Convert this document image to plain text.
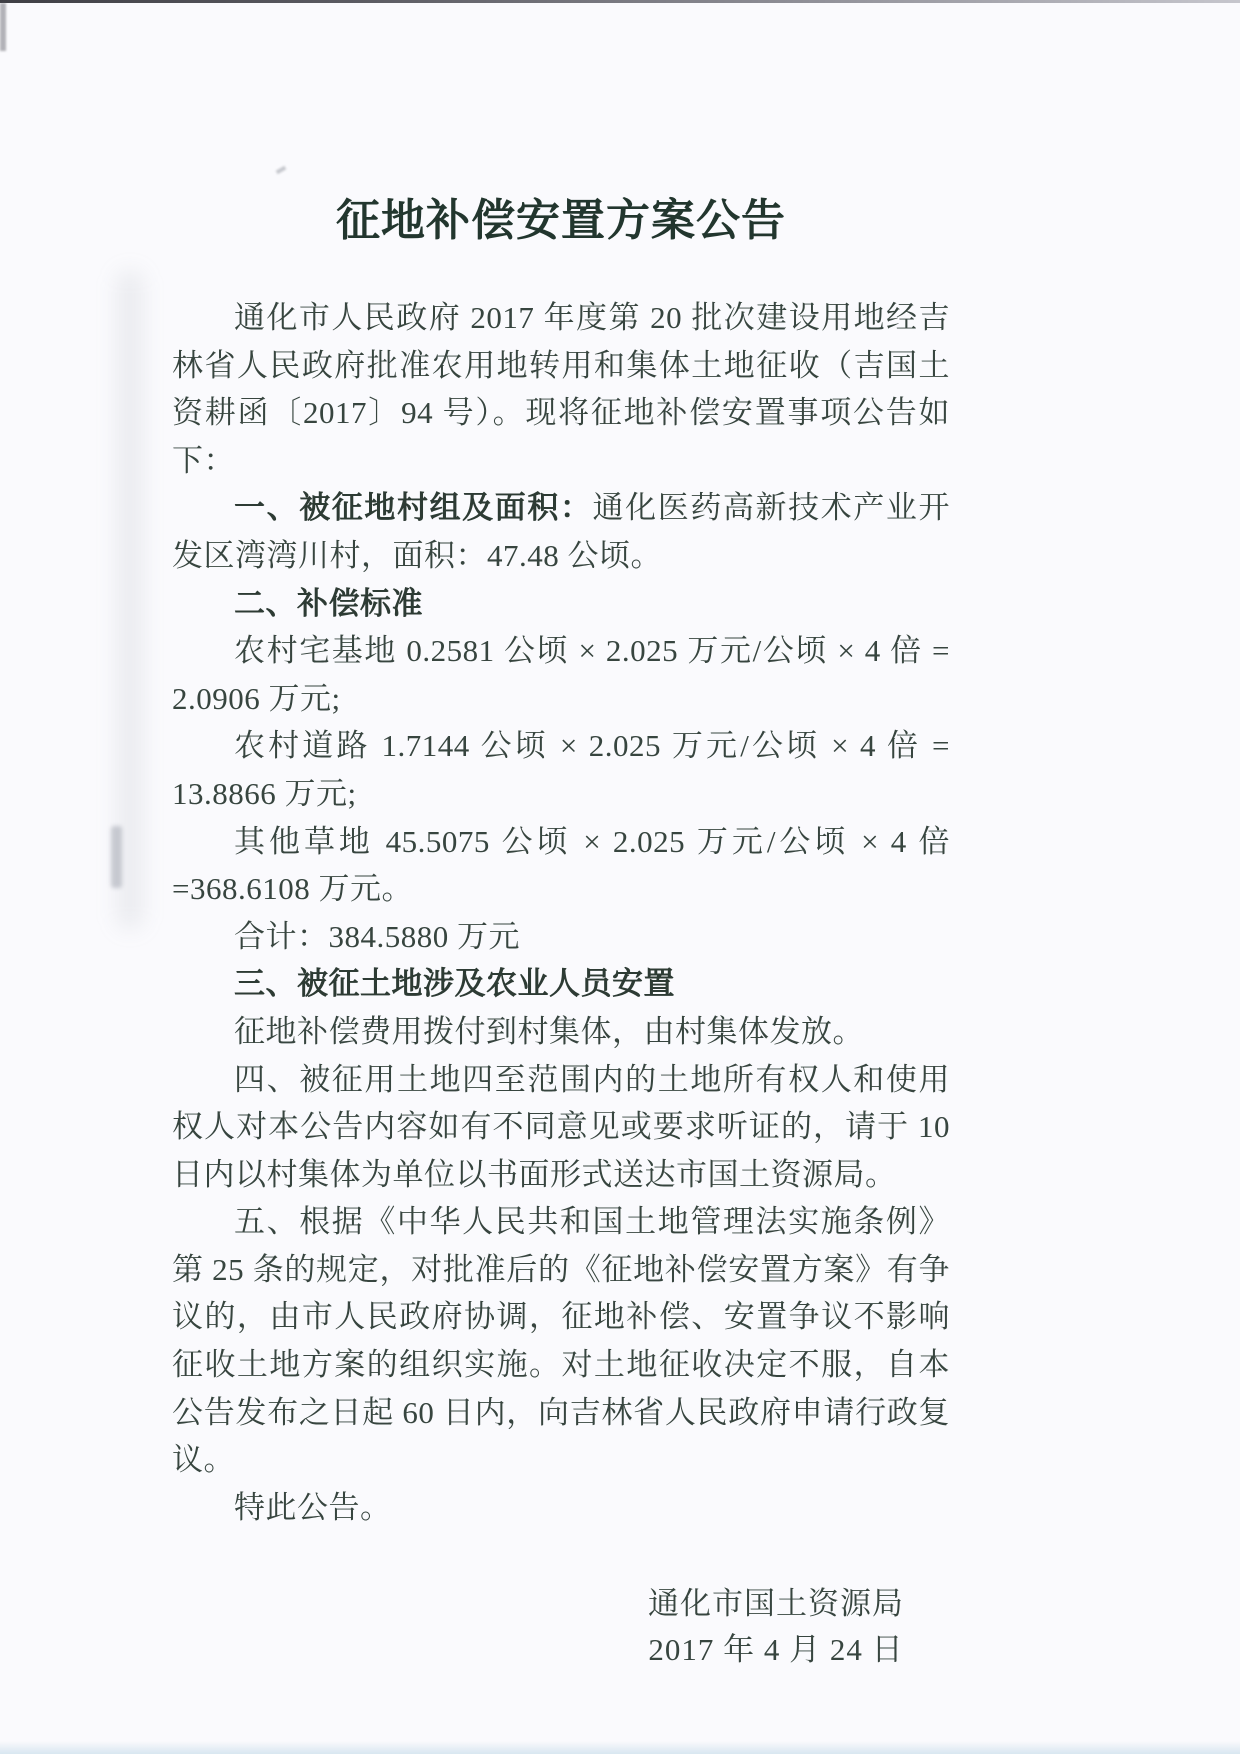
征地补偿安置方案公告

通化市人民政府 2017 年度第 20 批次建设用地经吉林省人民政府批准农用地转用和集体土地征收（吉国土资耕函〔2017〕94 号）。现将征地补偿安置事项公告如下：

一、被征地村组及面积：通化医药高新技术产业开发区湾湾川村，面积：47.48 公顷。

二、补偿标准

农村宅基地 0.2581 公顷 × 2.025 万元/公顷 × 4 倍 = 2.0906 万元;

农村道路 1.7144 公顷 × 2.025 万元/公顷 × 4 倍 = 13.8866 万元;

其他草地 45.5075 公顷 × 2.025 万元/公顷 × 4 倍 =368.6108 万元。

合计：384.5880 万元

三、被征土地涉及农业人员安置

征地补偿费用拨付到村集体，由村集体发放。

四、被征用土地四至范围内的土地所有权人和使用权人对本公告内容如有不同意见或要求听证的，请于 10 日内以村集体为单位以书面形式送达市国土资源局。

五、根据《中华人民共和国土地管理法实施条例》第 25 条的规定，对批准后的《征地补偿安置方案》有争议的，由市人民政府协调，征地补偿、安置争议不影响征收土地方案的组织实施。对土地征收决定不服，自本公告发布之日起 60 日内，向吉林省人民政府申请行政复议。

特此公告。

通化市国土资源局
2017 年 4 月 24 日
